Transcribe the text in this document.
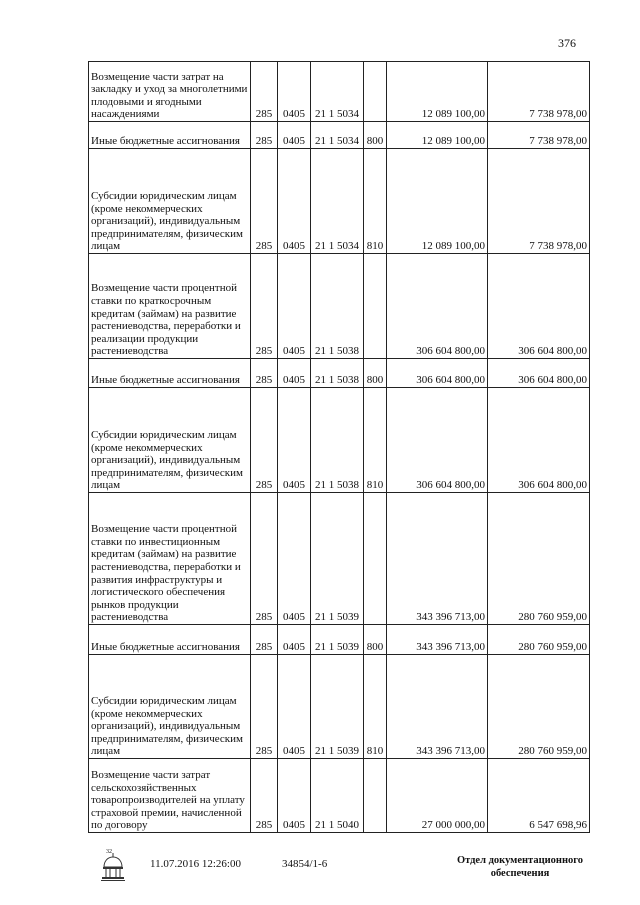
376
Возмещение части затрат на закладку и уход за многолетними плодовыми и ягодными насаждениями	285	0405	21 1 5034		12 089 100,00	7 738 978,00
Иные бюджетные ассигнования	285	0405	21 1 5034	800	12 089 100,00	7 738 978,00
Субсидии юридическим лицам (кроме некоммерческих организаций), индивидуальным предпринимателям, физическим лицам	285	0405	21 1 5034	810	12 089 100,00	7 738 978,00
Возмещение части процентной ставки по краткосрочным кредитам (займам) на развитие растениеводства, переработки и реализации продукции растениеводства	285	0405	21 1 5038		306 604 800,00	306 604 800,00
Иные бюджетные ассигнования	285	0405	21 1 5038	800	306 604 800,00	306 604 800,00
Субсидии юридическим лицам (кроме некоммерческих организаций), индивидуальным предпринимателям, физическим лицам	285	0405	21 1 5038	810	306 604 800,00	306 604 800,00
Возмещение части процентной ставки по инвестиционным кредитам (займам) на развитие растениеводства, переработки и развития инфраструктуры и логистического обеспечения рынков продукции растениеводства	285	0405	21 1 5039		343 396 713,00	280 760 959,00
Иные бюджетные ассигнования	285	0405	21 1 5039	800	343 396 713,00	280 760 959,00
Субсидии юридическим лицам (кроме некоммерческих организаций), индивидуальным предпринимателям, физическим лицам	285	0405	21 1 5039	810	343 396 713,00	280 760 959,00
Возмещение части затрат сельскохозяйственных товаропроизводителей на уплату страховой премии, начисленной по договору	285	0405	21 1 5040		27 000 000,00	6 547 698,96
32
11.07.2016 12:26:00	34854/1-6	Отдел документационного обеспечения
